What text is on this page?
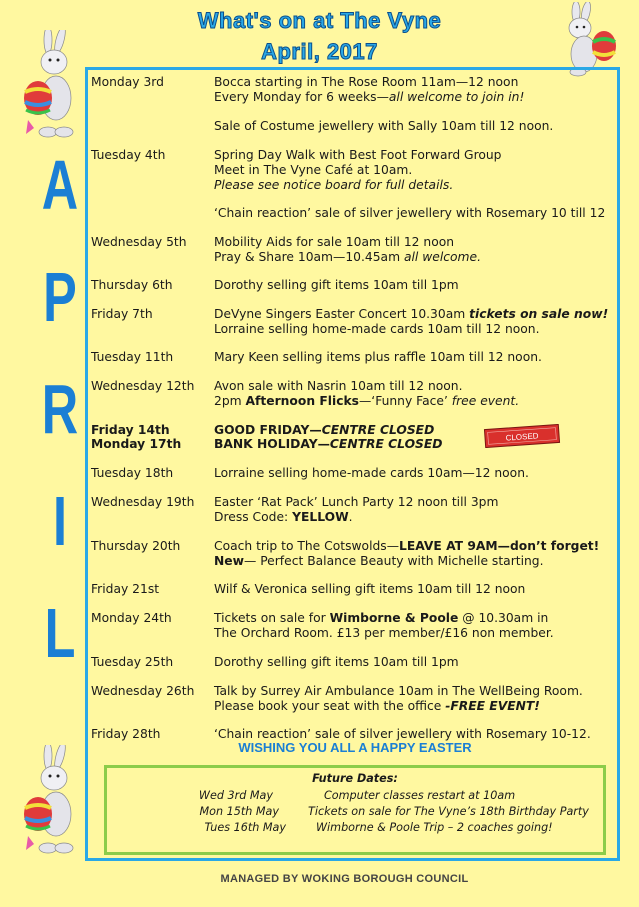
What's on at The Vyne
April, 2017
A
P
R
I
L
Monday 3rd	Bocca starting in The Rose Room 11am—12 noon
Every Monday for 6 weeks—all welcome to join in!
Sale of Costume jewellery with Sally 10am till 12 noon.
Tuesday 4th	Spring Day Walk with Best Foot Forward Group
Meet in The Vyne Café at 10am.
Please see notice board for full details.
‘Chain reaction’ sale of silver jewellery with Rosemary 10 till 12
Wednesday 5th	Mobility Aids for sale 10am till 12 noon
Pray & Share 10am—10.45am all welcome.
Thursday 6th	Dorothy selling gift items 10am till 1pm
Friday 7th	DeVyne Singers Easter Concert 10.30am tickets on sale now!
Lorraine selling home-made cards 10am till 12 noon.
Tuesday 11th	Mary Keen selling items plus raffle 10am till 12 noon.
Wednesday 12th	Avon sale with Nasrin 10am till 12 noon.
2pm Afternoon Flicks—‘Funny Face’ free event.
Friday 14th	GOOD FRIDAY—CENTRE CLOSED
Monday 17th	BANK HOLIDAY—CENTRE CLOSED
CLOSED
Tuesday 18th	Lorraine selling home-made cards 10am—12 noon.
Wednesday 19th	Easter ‘Rat Pack’ Lunch Party 12 noon till 3pm
Dress Code: YELLOW.
Thursday 20th	Coach trip to The Cotswolds—LEAVE AT 9AM—don’t forget!
New— Perfect Balance Beauty with Michelle starting.
Friday 21st	Wilf & Veronica selling gift items 10am till 12 noon
Monday 24th	Tickets on sale for Wimborne & Poole @ 10.30am in
The Orchard Room. £13 per member/£16 non member.
Tuesday 25th	Dorothy selling gift items 10am till 1pm
Wednesday 26th	Talk by Surrey Air Ambulance 10am in The WellBeing Room.
Please book your seat with the office -FREE EVENT!
Friday 28th	‘Chain reaction’ sale of silver jewellery with Rosemary 10-12.
WISHING YOU ALL A HAPPY EASTER
Future Dates:
Wed 3rd May	Computer classes restart at 10am
Mon 15th May	Tickets on sale for The Vyne’s 18th Birthday Party
Tues 16th May	Wimborne & Poole Trip – 2 coaches going!
MANAGED BY WOKING BOROUGH COUNCIL
